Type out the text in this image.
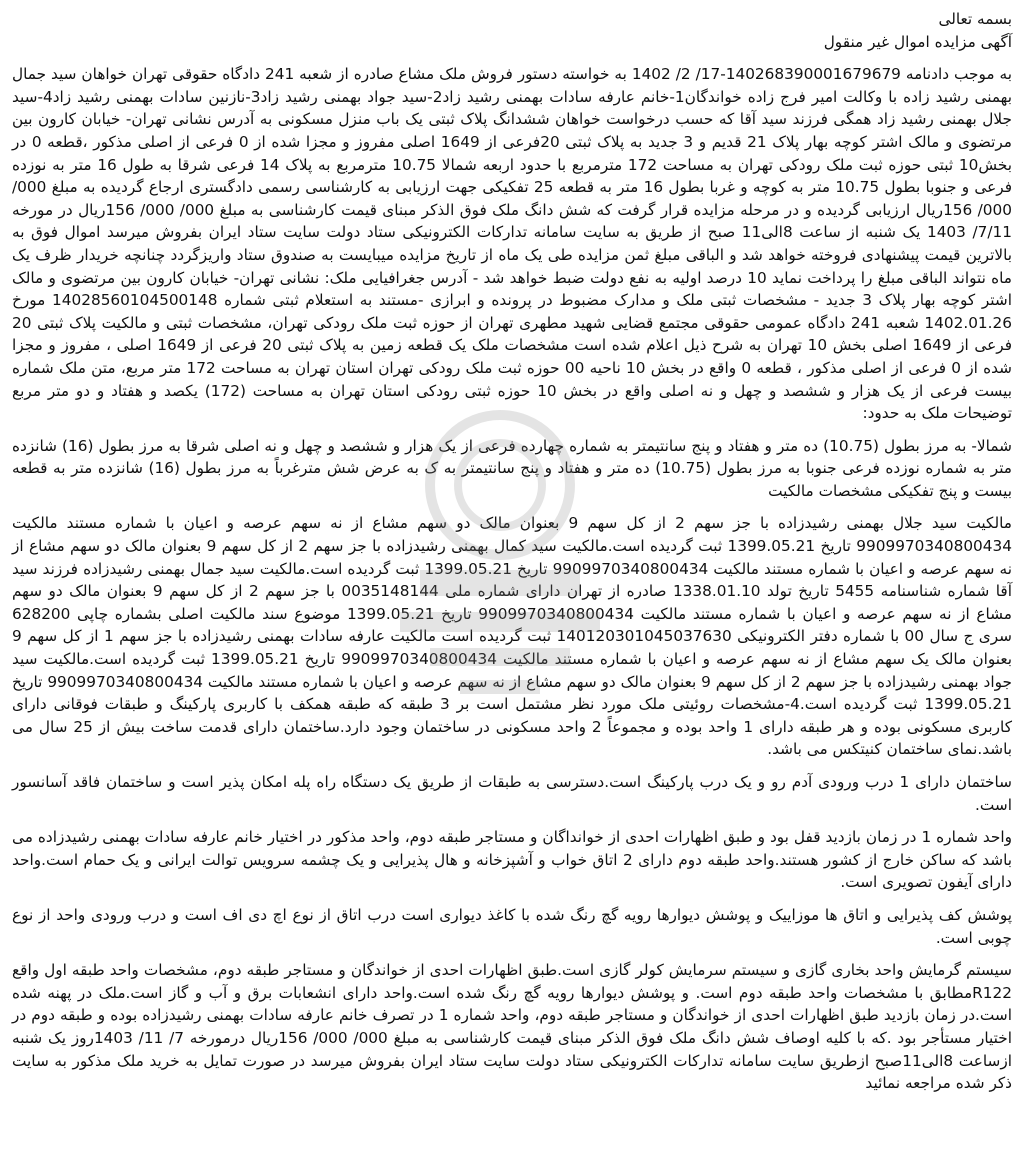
بسمه تعالی
آگهی مزایده اموال غیر منقول

به موجب دادنامه 140268390001679679-17/ 2/ 1402 به خواسته دستور فروش ملک مشاع صادره از شعبه 241 دادگاه حقوقی تهران خواهان سید جمال بهمنی رشید زاده با وکالت امیر فرج زاده خواندگان1-خانم عارفه سادات بهمنی رشید زاد2-سید جواد بهمنی رشید زاد3-نازنین سادات بهمنی رشید زاد4-سید جلال بهمنی رشید زاد همگی فرزند سید آقا که حسب درخواست خواهان ششدانگ پلاک ثبتی یک باب منزل مسکونی به آدرس نشانی تهران- خیابان کارون بین مرتضوی و مالک اشتر کوچه بهار پلاک 21 قدیم و 3 جدید به پلاک ثبتی 20فرعی از 1649 اصلی مفروز و مجزا شده از 0 فرعی از اصلی مذکور ،قطعه 0 در بخش10 ثبتی حوزه ثبت ملک رودکی تهران به مساحت 172 مترمربع با حدود اربعه شمالا 10.75 مترمربع به پلاک 14 فرعی شرقا به طول 16 متر به نوزده فرعی و جنوبا بطول 10.75 متر به کوچه و غربا بطول 16 متر به قطعه 25 تفکیکی جهت ارزیابی به کارشناسی رسمی دادگستری ارجاع گردیده به مبلغ 000/ 000/ 156ریال ارزیابی گردیده و در مرحله مزایده قرار گرفت که شش دانگ ملک فوق الذکر مبنای قیمت کارشناسی به مبلغ 000/ 000/ 156ریال در مورخه 7/11/ 1403 یک شنبه از ساعت 8الی11 صبح از طریق به سایت سامانه تدارکات الکترونیکی ستاد دولت سایت ستاد ایران بفروش میرسد اموال فوق به بالاترین قیمت پیشنهادی فروخته خواهد شد و الباقی مبلغ ثمن مزایده طی یک ماه از تاریخ مزایده میبایست به صندوق ستاد واریزگردد چنانچه خریدار ظرف یک ماه نتواند الباقی مبلغ را پرداخت نماید 10 درصد اولیه به نفع دولت ضبط خواهد شد - آدرس جغرافیایی ملک: نشانی تهران- خیابان کارون بین مرتضوی و مالک اشتر کوچه بهار پلاک 3 جدید - مشخصات ثبتی ملک و مدارک مضبوط در پرونده و ابرازی -مستند به استعلام ثبتی شماره 14028560104500148 مورخ 1402.01.26 شعبه 241 دادگاه عمومی حقوقی مجتمع قضایی شهید مطهری تهران از حوزه ثبت ملک رودکی تهران، مشخصات ثبتی و مالکیت پلاک ثبتی 20 فرعی از 1649 اصلی بخش 10 تهران به شرح ذیل اعلام شده است مشخصات ملک یک قطعه زمین به پلاک ثبتی 20 فرعی از 1649 اصلی ، مفروز و مجزا شده از 0 فرعی از اصلی مذکور ، قطعه 0 واقع در بخش 10 ناحیه 00 حوزه ثبت ملک رودکی تهران استان تهران به مساحت 172 متر مربع، متن ملک شماره بیست فرعی از یک هزار و ششصد و چهل و نه اصلی واقع در بخش 10 حوزه ثبتی رودکی استان تهران به مساحت (172) یکصد و هفتاد و دو متر مربع توضیحات ملک به حدود:

شمالا- به مرز بطول (10.75) ده متر و هفتاد و پنج سانتیمتر به شماره چهارده فرعی از یک هزار و ششصد و چهل و نه اصلی شرقا به مرز بطول (16) شانزده متر به شماره نوزده فرعی جنوبا به مرز بطول (10.75) ده متر و هفتاد و پنج سانتیمتر به ک به عرض شش مترغرباً به مرز بطول (16) شانزده متر به قطعه بیست و پنج تفکیکی مشخصات مالکیت

مالکیت سید جلال بهمنی رشیدزاده با جز سهم 2 از کل سهم 9 بعنوان مالک دو سهم مشاع از نه سهم عرصه و اعیان با شماره مستند مالکیت 9909970340800434 تاریخ 1399.05.21 ثبت گردیده است.مالکیت سید کمال بهمنی رشیدزاده با جز سهم 2 از کل سهم 9 بعنوان مالک دو سهم مشاع از نه سهم عرصه و اعیان با شماره مستند مالکیت 9909970340800434 تاریخ 1399.05.21 ثبت گردیده است.مالکیت سید جمال بهمنی رشیدزاده فرزند سید آقا شماره شناسنامه 5455 تاریخ تولد 1338.01.10 صادره از تهران دارای شماره ملی 0035148144 با جز سهم 2 از کل سهم 9 بعنوان مالک دو سهم مشاع از نه سهم عرصه و اعیان با شماره مستند مالکیت 9909970340800434 تاریخ 1399.05.21 موضوع سند مالکیت اصلی بشماره چاپی 628200 سری ج سال 00 با شماره دفتر الکترونیکی 140120301045037630 ثبت گردیده است مالکیت عارفه سادات بهمنی رشیدزاده با جز سهم 1 از کل سهم 9 بعنوان مالک یک سهم مشاع از نه سهم عرصه و اعیان با شماره مستند مالکیت 9909970340800434 تاریخ 1399.05.21 ثبت گردیده است.مالکیت سید جواد بهمنی رشیدزاده با جز سهم 2 از کل سهم 9 بعنوان مالک دو سهم مشاع از نه سهم عرصه و اعیان با شماره مستند مالکیت 9909970340800434 تاریخ 1399.05.21 ثبت گردیده است.4-مشخصات روئیتی ملک مورد نظر مشتمل است بر 3 طبقه که طبقه همکف با کاربری پارکینگ و طبقات فوقانی دارای کاربری مسکونی بوده و هر طبقه دارای 1 واحد بوده و مجموعاً 2 واحد مسکونی در ساختمان وجود دارد.ساختمان دارای قدمت ساخت بیش از 25 سال می باشد.نمای ساختمان کنیتکس می باشد.

ساختمان دارای 1 درب ورودی آدم رو و یک درب پارکینگ است.دسترسی به طبقات از طریق یک دستگاه راه پله امکان پذیر است و ساختمان فاقد آسانسور است.

واحد شماره 1 در زمان بازدید قفل بود و طبق اظهارات احدی از خوانداگان و مستاجر طبقه دوم، واحد مذکور در اختیار خانم عارفه سادات بهمنی رشیدزاده می باشد که ساکن خارج از کشور هستند.واحد طبقه دوم دارای 2 اتاق خواب و آشپزخانه و هال پذیرایی و یک چشمه سرویس توالت ایرانی و یک حمام است.واحد دارای آیفون تصویری است.

پوشش کف پذیرایی و اتاق ها موزاییک و پوشش دیوارها رویه گچ رنگ شده با کاغذ دیواری است درب اتاق از نوع اچ دی اف است و درب ورودی واحد از نوع چوبی است.

سیستم گرمایش واحد بخاری گازی و سیستم سرمایش کولر گازی است.طبق اظهارات احدی از خواندگان و مستاجر طبقه دوم، مشخصات واحد طبقه اول واقع R122مطابق با مشخصات واحد طبقه دوم است. و پوشش دیوارها رویه گچ رنگ شده است.واحد دارای انشعابات برق و آب و گاز است.ملک در پهنه شده است.در زمان بازدید طبق اظهارات احدی از خواندگان و مستاجر طبقه دوم، واحد شماره 1 در تصرف خانم عارفه سادات بهمنی رشیدزاده بوده و طبقه دوم در اختیار مستأجر بود .که با کلیه اوصاف شش دانگ ملک فوق الذکر مبنای قیمت کارشناسی به مبلغ 000/ 000/ 156ریال درمورخه 7/ 11/ 1403روز یک شنبه ازساعت 8الی11صبح ازطریق سایت سامانه تدارکات الکترونیکی ستاد دولت سایت ستاد ایران بفروش میرسد در صورت تمایل به خرید ملک مذکور به سایت ذکر شده مراجعه نمائید
